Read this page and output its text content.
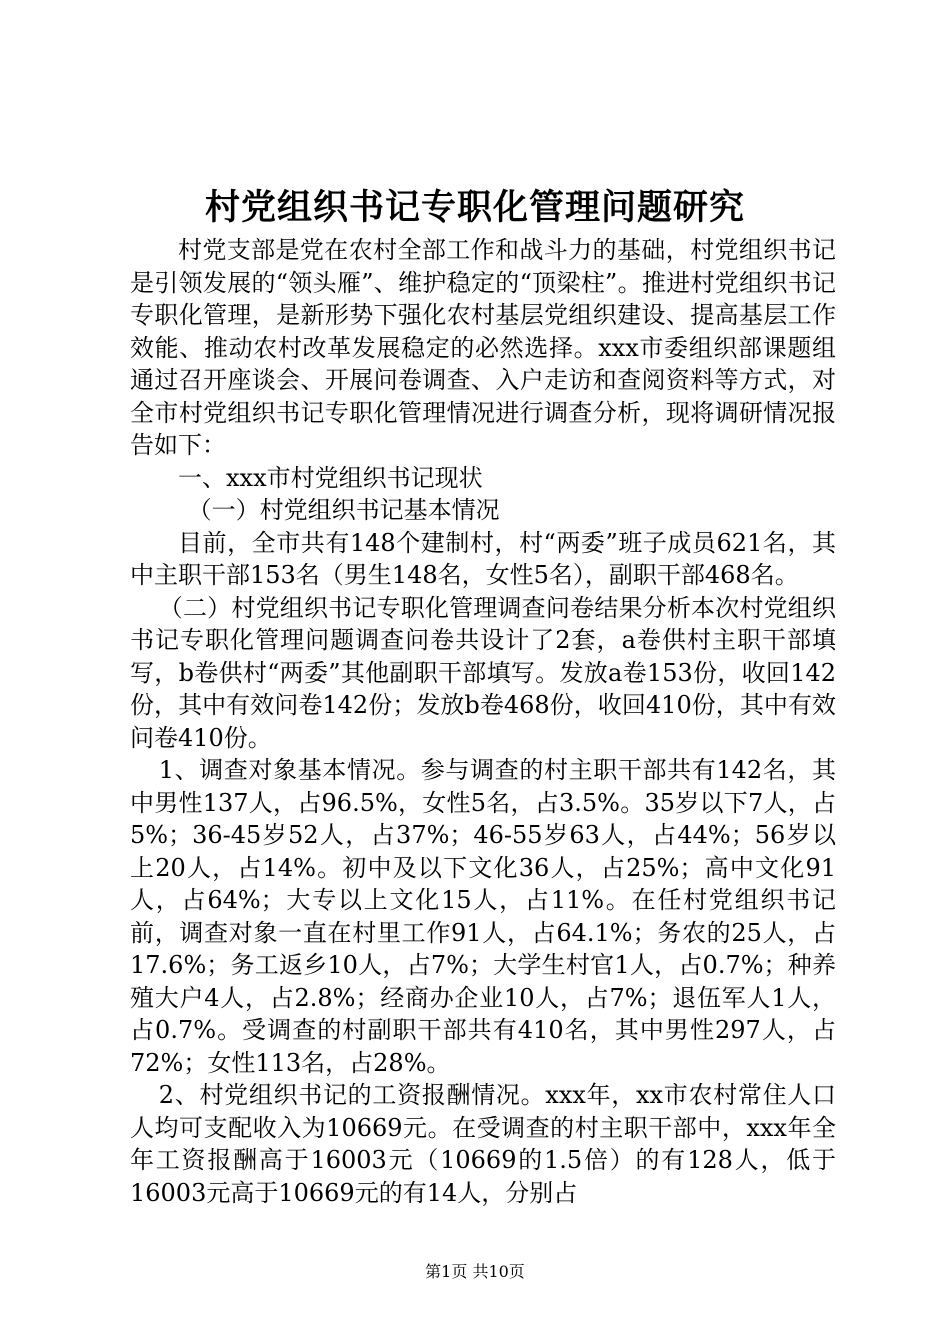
村党组织书记专职化管理问题研究

村党支部是党在农村全部工作和战斗力的基础，村党组织书记是引领发展的“领头雁”、维护稳定的“顶梁柱”。推进村党组织书记专职化管理，是新形势下强化农村基层党组织建设、提高基层工作效能、推动农村改革发展稳定的必然选择。xxx市委组织部课题组通过召开座谈会、开展问卷调查、入户走访和查阅资料等方式，对全市村党组织书记专职化管理情况进行调查分析，现将调研情况报告如下：

一、xxx市村党组织书记现状

（一）村党组织书记基本情况

目前，全市共有148个建制村，村“两委”班子成员621名，其中主职干部153名（男生148名，女性5名），副职干部468名。

（二）村党组织书记专职化管理调查问卷结果分析本次村党组织书记专职化管理问题调查问卷共设计了2套，a卷供村主职干部填写，b卷供村“两委”其他副职干部填写。发放a卷153份，收回142份，其中有效问卷142份；发放b卷468份，收回410份，其中有效问卷410份。

1、调查对象基本情况。参与调查的村主职干部共有142名，其中男性137人，占96.5%，女性5名，占3.5%。35岁以下7人，占5%；36-45岁52人，占37%；46-55岁63人，占44%；56岁以上20人，占14%。初中及以下文化36人，占25%；高中文化91人，占64%；大专以上文化15人，占11%。在任村党组织书记前，调查对象一直在村里工作91人，占64.1%；务农的25人，占17.6%；务工返乡10人，占7%；大学生村官1人，占0.7%；种养殖大户4人，占2.8%；经商办企业10人，占7%；退伍军人1人，占0.7%。受调查的村副职干部共有410名，其中男性297人，占72%；女性113名，占28%。

2、村党组织书记的工资报酬情况。xxx年，xx市农村常住人口人均可支配收入为10669元。在受调查的村主职干部中，xxx年全年工资报酬高于16003元（10669的1.5倍）的有128人，低于16003元高于10669元的有14人，分别占

第1页 共10页
